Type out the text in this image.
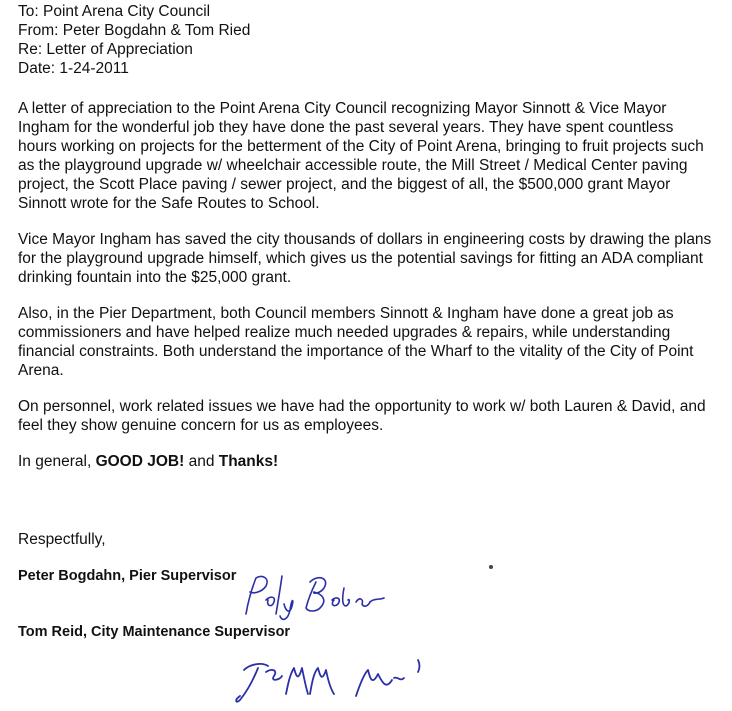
To: Point Arena City Council
From: Peter Bogdahn & Tom Ried
Re: Letter of Appreciation
Date: 1-24-2011

A letter of appreciation to the Point Arena City Council recognizing Mayor Sinnott & Vice Mayor Ingham for the wonderful job they have done the past several years. They have spent countless hours working on projects for the betterment of the City of Point Arena, bringing to fruit projects such as the playground upgrade w/ wheelchair accessible route, the Mill Street / Medical Center paving project, the Scott Place paving / sewer project, and the biggest of all, the $500,000 grant Mayor Sinnott wrote for the Safe Routes to School.

Vice Mayor Ingham has saved the city thousands of dollars in engineering costs by drawing the plans for the playground upgrade himself, which gives us the potential savings for fitting an ADA compliant drinking fountain into the $25,000 grant.

Also, in the Pier Department, both Council members Sinnott & Ingham have done a great job as commissioners and have helped realize much needed upgrades & repairs, while understanding financial constraints. Both understand the importance of the Wharf to the vitality of the City of Point Arena.

On personnel, work related issues we have had the opportunity to work w/ both Lauren & David, and feel they show genuine concern for us as employees.

In general, GOOD JOB! and Thanks!

Respectfully,

Peter Bogdahn, Pier Supervisor

Tom Reid, City Maintenance Supervisor
